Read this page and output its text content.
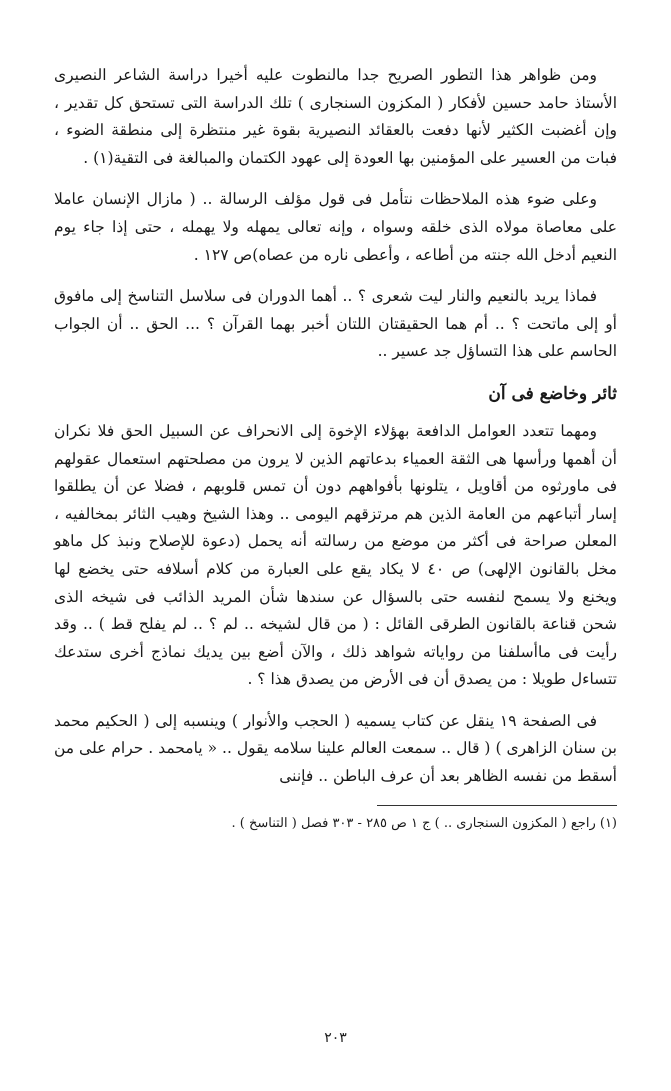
ومن ظواهر هذا التطور الصريح جدا مالنطوت عليه أخيرا دراسة الشاعر النصيرى الأستاذ حامد حسين لأفكار ( المكزون السنجارى ) تلك الدراسة التى تستحق كل تقدير ، وإن أغضبت الكثير لأنها دفعت بالعقائد النصيرية بقوة غير منتظرة إلى منطقة الضوء ، فبات من العسير على المؤمنين بها العودة إلى عهود الكتمان والمبالغة فى التقية(١) .

وعلى ضوء هذه الملاحظات نتأمل فى قول مؤلف الرسالة .. ( مازال الإنسان عاملا على معاصاة مولاه الذى خلقه وسواه ، وإنه تعالى يمهله ولا يهمله ، حتى إذا جاء يوم النعيم أدخل الله جنته من أطاعه ، وأعطى ناره من عصاه)ص ١٢٧ .

فماذا يريد بالنعيم والنار ليت شعرى ؟ .. أهما الدوران فى سلاسل التناسخ إلى مافوق أو إلى ماتحت ؟ .. أم هما الحقيقتان اللتان أخبر بهما القرآن ؟ ... الحق .. أن الجواب الحاسم على هذا التساؤل جد عسير ..

ثائر وخاضع فى آن

ومهما تتعدد العوامل الدافعة بهؤلاء الإخوة إلى الانحراف عن السبيل الحق فلا نكران أن أهمها ورأسها هى الثقة العمياء بدعاتهم الذين لا يرون من مصلحتهم استعمال عقولهم فى ماورثوه من أقاويل ، يتلونها بأفواههم دون أن تمس قلوبهم ، فضلا عن أن يطلقوا إسار أتباعهم من العامة الذين هم مرتزقهم اليومى .. وهذا الشيخ وهيب الثائر بمخالفيه ، المعلن صراحة فى أكثر من موضع من رسالته أنه يحمل (دعوة للإصلاح ونبذ كل ماهو مخل بالقانون الإلهى) ص ٤٠ لا يكاد يقع على العبارة من كلام أسلافه حتى يخضع لها ويخنع ولا يسمح لنفسه حتى بالسؤال عن سندها شأن المريد الذائب فى شيخه الذى شحن قناعة بالقانون الطرقى القائل : ( من قال لشيخه .. لم ؟ .. لم يفلح قط ) .. وقد رأيت فى ماأسلفنا من رواياته شواهد ذلك ، والآن أضع بين يديك نماذج أخرى ستدعك تتساءل طويلا : من يصدق أن فى الأرض من يصدق هذا ؟ .

فى الصفحة ١٩ ينقل عن كتاب يسميه ( الحجب والأنوار ) وينسبه إلى ( الحكيم محمد بن سنان الزاهرى ) ( قال .. سمعت العالم علينا سلامه يقول .. « يامحمد . حرام على من أسقط من نفسه الظاهر بعد أن عرف الباطن .. فإننى

(١) راجع ( المكزون السنجارى .. ) ج ١ ص ٢٨٥ - ٣٠٣ فصل ( التناسخ ) .

٢٠٣
